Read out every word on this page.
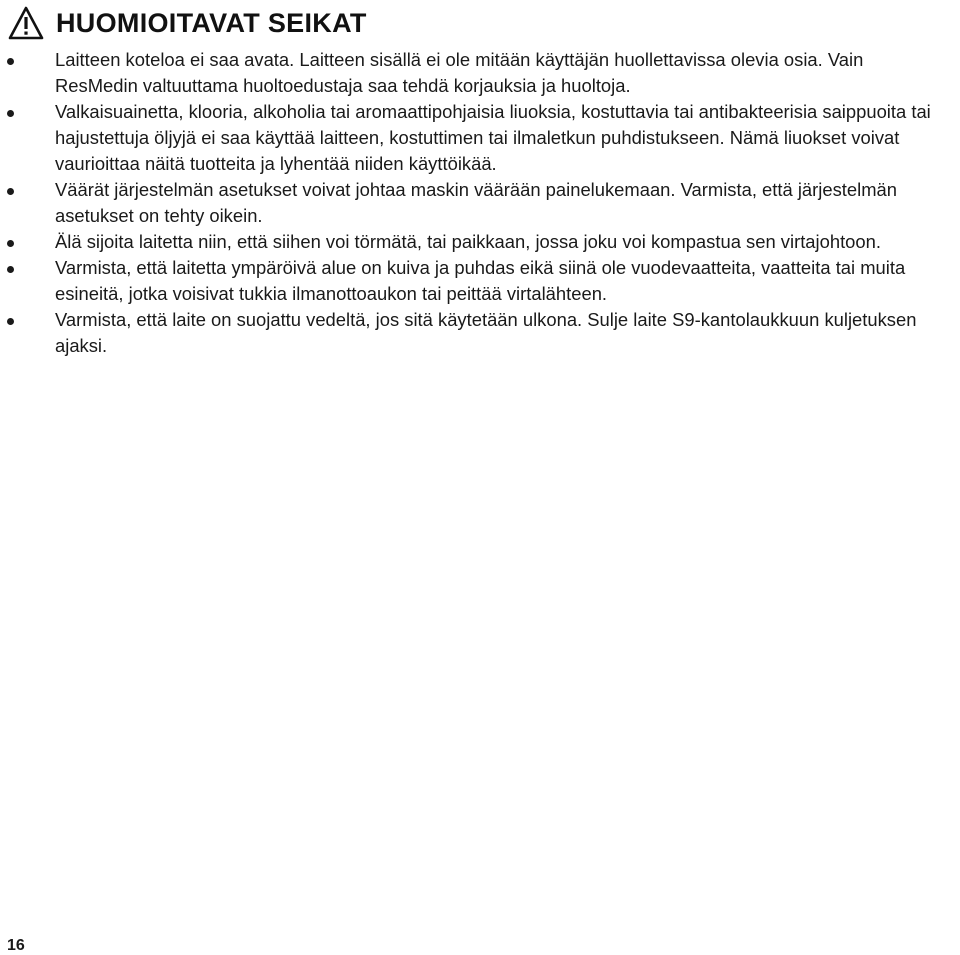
HUOMIOITAVAT SEIKAT
Laitteen koteloa ei saa avata. Laitteen sisällä ei ole mitään käyttäjän huollettavissa olevia osia. Vain ResMedin valtuuttama huoltoedustaja saa tehdä korjauksia ja huoltoja.
Valkaisuainetta, klooria, alkoholia tai aromaattipohjaisia liuoksia, kostuttavia tai antibakteerisia saippuoita tai hajustettuja öljyjä ei saa käyttää laitteen, kostuttimen tai ilmaletkun puhdistukseen. Nämä liuokset voivat vaurioittaa näitä tuotteita ja lyhentää niiden käyttöikää.
Väärät järjestelmän asetukset voivat johtaa maskin väärään painelukemaan. Varmista, että järjestelmän asetukset on tehty oikein.
Älä sijoita laitetta niin, että siihen voi törmätä, tai paikkaan, jossa joku voi kompastua sen virtajohtoon.
Varmista, että laitetta ympäröivä alue on kuiva ja puhdas eikä siinä ole vuodevaatteita, vaatteita tai muita esineitä, jotka voisivat tukkia ilmanottoaukon tai peittää virtalähteen.
Varmista, että laite on suojattu vedeltä, jos sitä käytetään ulkona. Sulje laite S9-kantolaukkuun kuljetuksen ajaksi.
16
